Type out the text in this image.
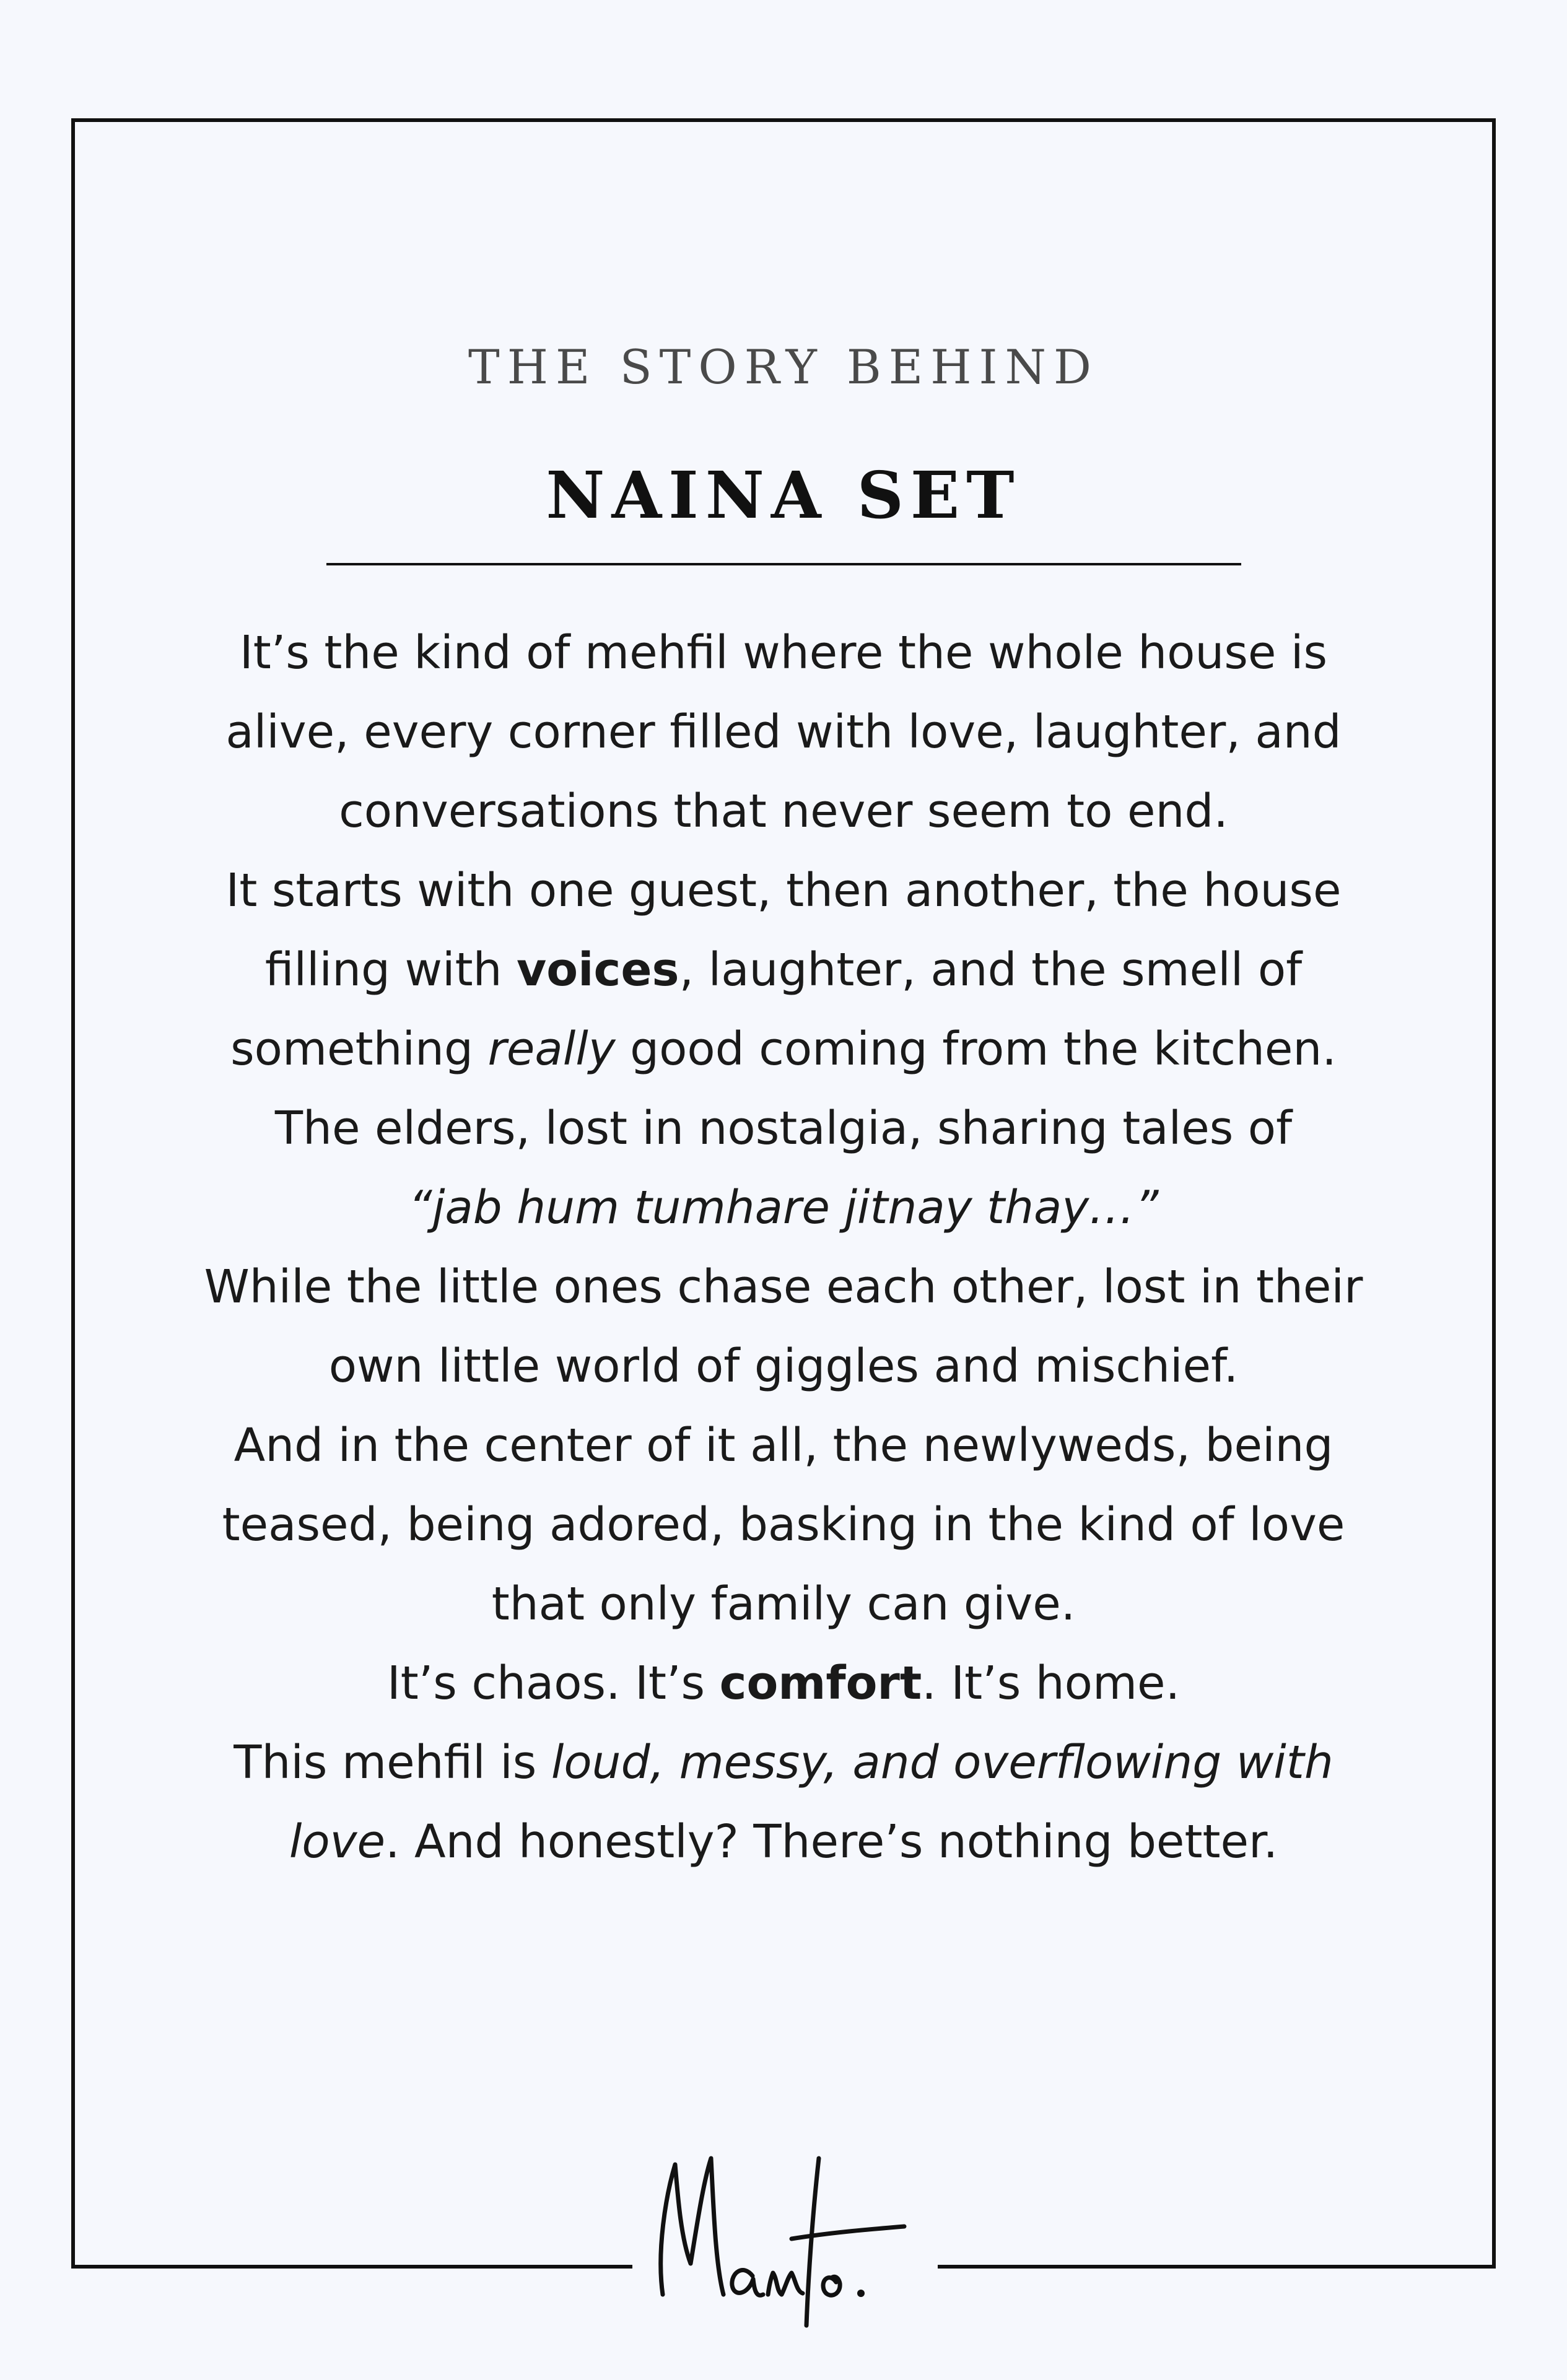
THE STORY BEHIND
NAINA SET
It’s the kind of mehfil where the whole house is
alive, every corner filled with love, laughter, and
conversations that never seem to end.
It starts with one guest, then another, the house
filling with voices, laughter, and the smell of
something really good coming from the kitchen.
The elders, lost in nostalgia, sharing tales of
“jab hum tumhare jitnay thay…”
While the little ones chase each other, lost in their
own little world of giggles and mischief.
And in the center of it all, the newlyweds, being
teased, being adored, basking in the kind of love
that only family can give.
It’s chaos. It’s comfort. It’s home.
This mehfil is loud, messy, and overflowing with
love. And honestly? There’s nothing better.
